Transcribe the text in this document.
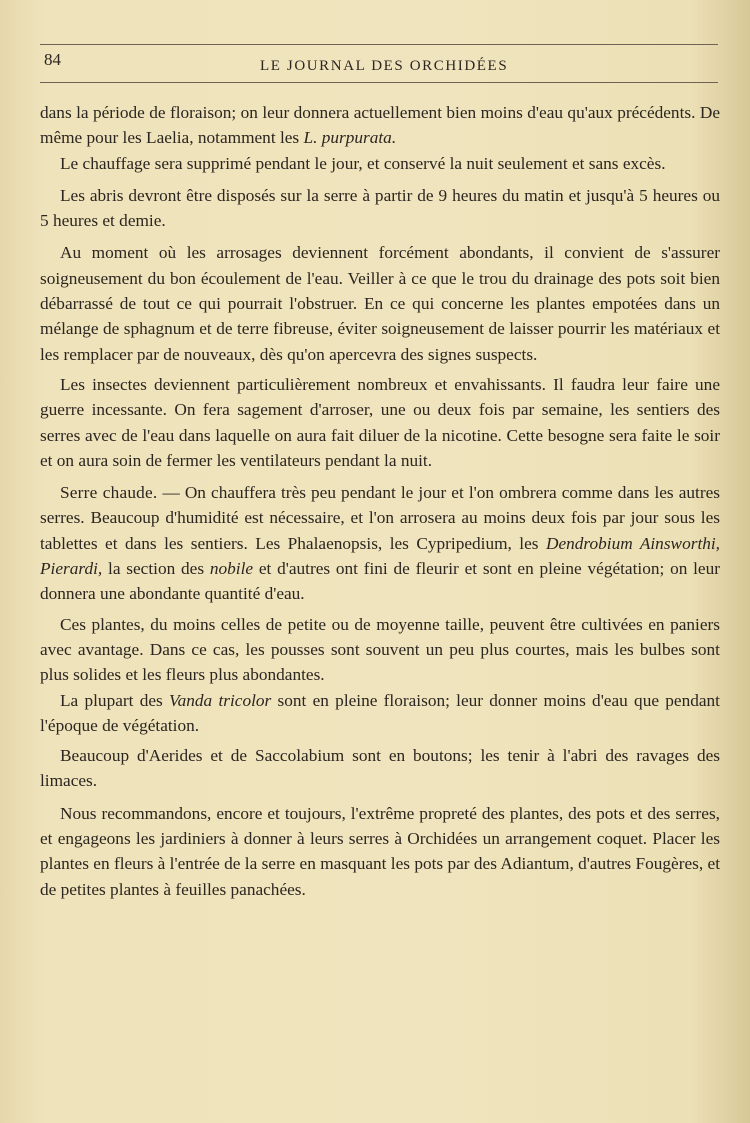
84	LE JOURNAL DES ORCHIDÉES

dans la période de floraison; on leur donnera actuellement bien moins d'eau qu'aux précédents. De même pour les Laelia, notamment les L. purpurata.

Le chauffage sera supprimé pendant le jour, et conservé la nuit seulement et sans excès.

Les abris devront être disposés sur la serre à partir de 9 heures du matin et jusqu'à 5 heures ou 5 heures et demie.

Au moment où les arrosages deviennent forcément abondants, il convient de s'assurer soigneusement du bon écoulement de l'eau. Veiller à ce que le trou du drainage des pots soit bien débarrassé de tout ce qui pourrait l'obstruer. En ce qui concerne les plantes empotées dans un mélange de sphagnum et de terre fibreuse, éviter soigneusement de laisser pourrir les matériaux et les remplacer par de nouveaux, dès qu'on apercevra des signes suspects.

Les insectes deviennent particulièrement nombreux et envahissants. Il faudra leur faire une guerre incessante. On fera sagement d'arroser, une ou deux fois par semaine, les sentiers des serres avec de l'eau dans laquelle on aura fait diluer de la nicotine. Cette besogne sera faite le soir et on aura soin de fermer les ventilateurs pendant la nuit.

Serre chaude. — On chauffera très peu pendant le jour et l'on ombrera comme dans les autres serres. Beaucoup d'humidité est nécessaire, et l'on arrosera au moins deux fois par jour sous les tablettes et dans les sentiers. Les Phalaenopsis, les Cypripedium, les Dendrobium Ainsworthi, Pierardi, la section des nobile et d'autres ont fini de fleurir et sont en pleine végétation; on leur donnera une abondante quantité d'eau.

Ces plantes, du moins celles de petite ou de moyenne taille, peuvent être cultivées en paniers avec avantage. Dans ce cas, les pousses sont souvent un peu plus courtes, mais les bulbes sont plus solides et les fleurs plus abondantes.

La plupart des Vanda tricolor sont en pleine floraison; leur donner moins d'eau que pendant l'époque de végétation.

Beaucoup d'Aerides et de Saccolabium sont en boutons; les tenir à l'abri des ravages des limaces.

Nous recommandons, encore et toujours, l'extrême propreté des plantes, des pots et des serres, et engageons les jardiniers à donner à leurs serres à Orchidées un arrangement coquet. Placer les plantes en fleurs à l'entrée de la serre en masquant les pots par des Adiantum, d'autres Fougères, et de petites plantes à feuilles panachées.
